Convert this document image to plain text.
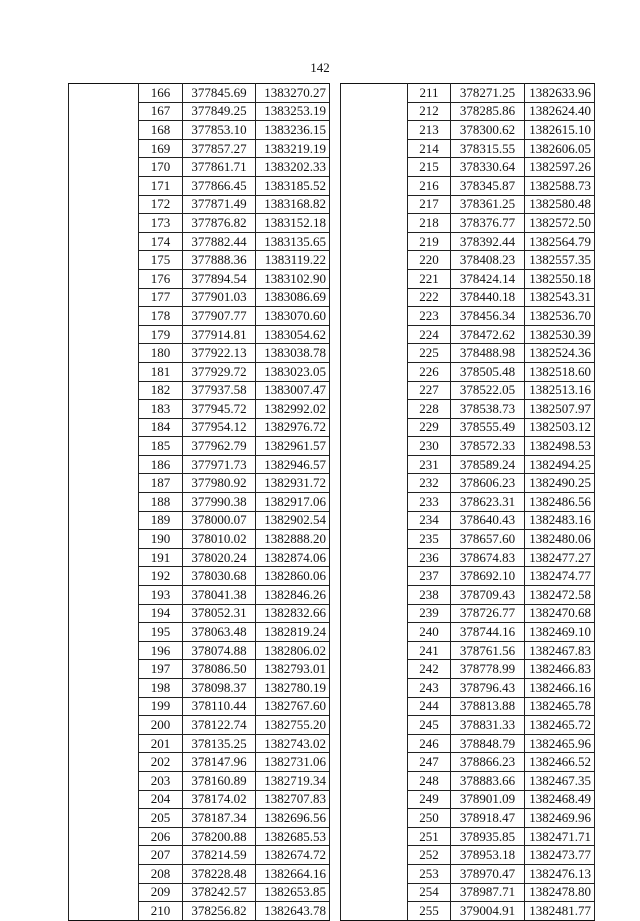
142
	166	377845.69	1383270.27			211	378271.25	1382633.96
	167	377849.25	1383253.19			212	378285.86	1382624.40
	168	377853.10	1383236.15			213	378300.62	1382615.10
	169	377857.27	1383219.19			214	378315.55	1382606.05
	170	377861.71	1383202.33			215	378330.64	1382597.26
	171	377866.45	1383185.52			216	378345.87	1382588.73
	172	377871.49	1383168.82			217	378361.25	1382580.48
	173	377876.82	1383152.18			218	378376.77	1382572.50
	174	377882.44	1383135.65			219	378392.44	1382564.79
	175	377888.36	1383119.22			220	378408.23	1382557.35
	176	377894.54	1383102.90			221	378424.14	1382550.18
	177	377901.03	1383086.69			222	378440.18	1382543.31
	178	377907.77	1383070.60			223	378456.34	1382536.70
	179	377914.81	1383054.62			224	378472.62	1382530.39
	180	377922.13	1383038.78			225	378488.98	1382524.36
	181	377929.72	1383023.05			226	378505.48	1382518.60
	182	377937.58	1383007.47			227	378522.05	1382513.16
	183	377945.72	1382992.02			228	378538.73	1382507.97
	184	377954.12	1382976.72			229	378555.49	1382503.12
	185	377962.79	1382961.57			230	378572.33	1382498.53
	186	377971.73	1382946.57			231	378589.24	1382494.25
	187	377980.92	1382931.72			232	378606.23	1382490.25
	188	377990.38	1382917.06			233	378623.31	1382486.56
	189	378000.07	1382902.54			234	378640.43	1382483.16
	190	378010.02	1382888.20			235	378657.60	1382480.06
	191	378020.24	1382874.06			236	378674.83	1382477.27
	192	378030.68	1382860.06			237	378692.10	1382474.77
	193	378041.38	1382846.26			238	378709.43	1382472.58
	194	378052.31	1382832.66			239	378726.77	1382470.68
	195	378063.48	1382819.24			240	378744.16	1382469.10
	196	378074.88	1382806.02			241	378761.56	1382467.83
	197	378086.50	1382793.01			242	378778.99	1382466.83
	198	378098.37	1382780.19			243	378796.43	1382466.16
	199	378110.44	1382767.60			244	378813.88	1382465.78
	200	378122.74	1382755.20			245	378831.33	1382465.72
	201	378135.25	1382743.02			246	378848.79	1382465.96
	202	378147.96	1382731.06			247	378866.23	1382466.52
	203	378160.89	1382719.34			248	378883.66	1382467.35
	204	378174.02	1382707.83			249	378901.09	1382468.49
	205	378187.34	1382696.56			250	378918.47	1382469.96
	206	378200.88	1382685.53			251	378935.85	1382471.71
	207	378214.59	1382674.72			252	378953.18	1382473.77
	208	378228.48	1382664.16			253	378970.47	1382476.13
	209	378242.57	1382653.85			254	378987.71	1382478.80
	210	378256.82	1382643.78			255	379004.91	1382481.77
